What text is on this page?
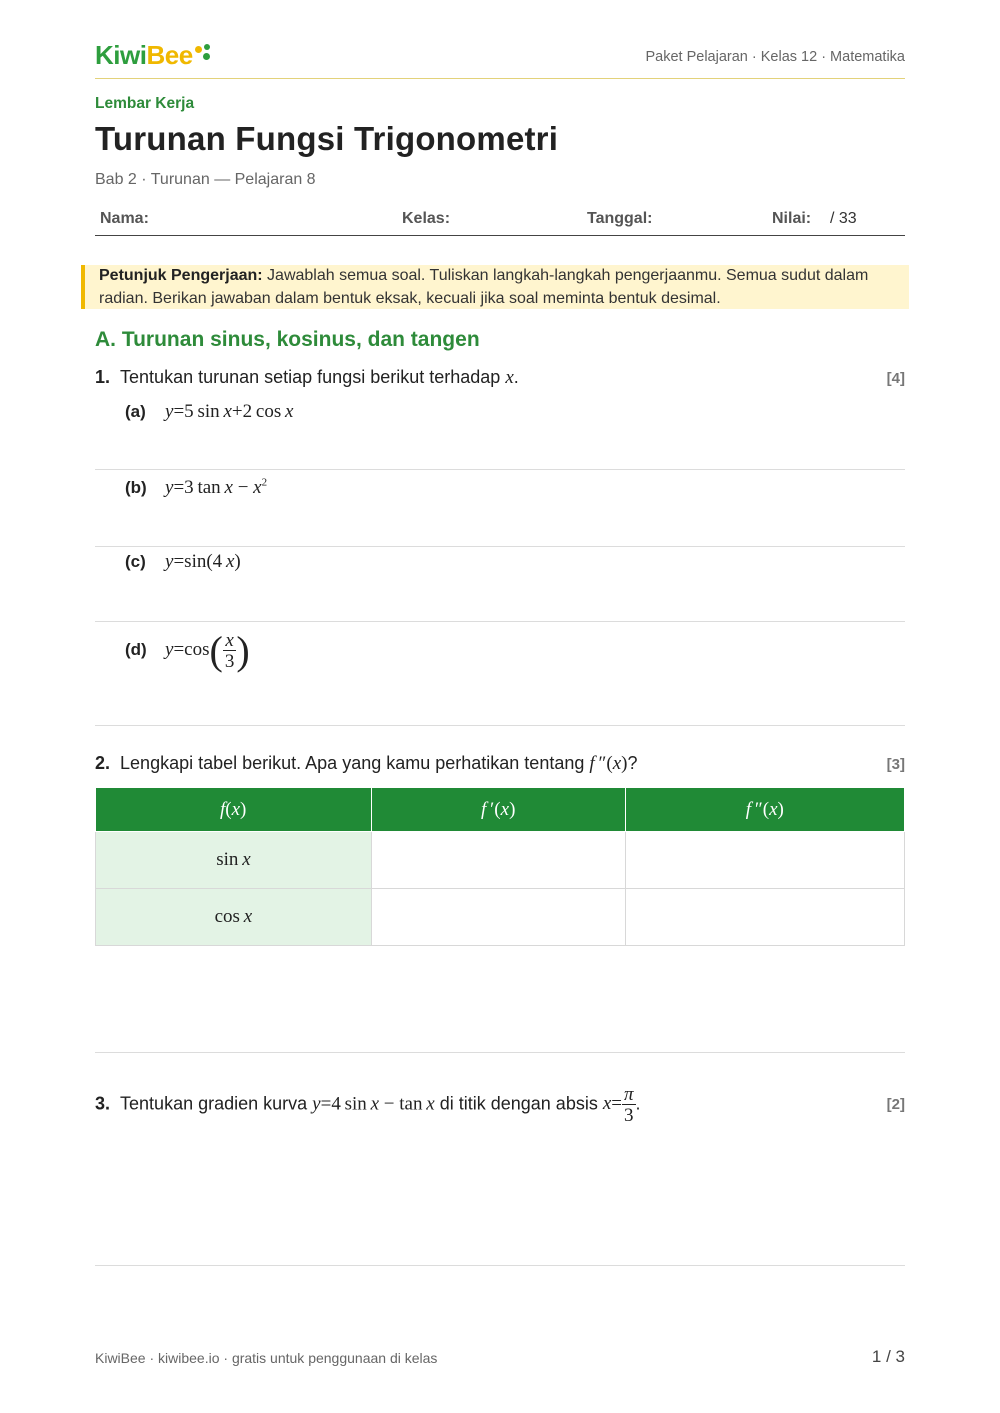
KiwiBee	Paket Pelajaran · Kelas 12 · Matematika
Lembar Kerja
Turunan Fungsi Trigonometri
Bab 2 · Turunan — Pelajaran 8
Nama:	Kelas:	Tanggal:	Nilai: / 33
Petunjuk Pengerjaan: Jawablah semua soal. Tuliskan langkah-langkah pengerjaanmu. Semua sudut dalam radian. Berikan jawaban dalam bentuk eksak, kecuali jika soal meminta bentuk desimal.
A. Turunan sinus, kosinus, dan tangen
1. Tentukan turunan setiap fungsi berikut terhadap x.	[4]
(a) y=5 sin x+2 cos x
(b) y=3 $\tan x - x^2$
(c) y=sin(4 x)
(d) $y=\cos( \frac{x}{3}$ )
2. Lengkapi tabel berikut. Apa yang kamu perhatikan tentang f ″(x)?	[3]
f(x)	f ′(x)	f ″(x)
sin  x		
cos  x		
3. Tentukan gradien kurva y=4 sin x − tan x di titik dengan absis $x= \frac{\pi}{3}$ .	[2]
KiwiBee · kiwibee.io · gratis untuk penggunaan di kelas	1 / 3
